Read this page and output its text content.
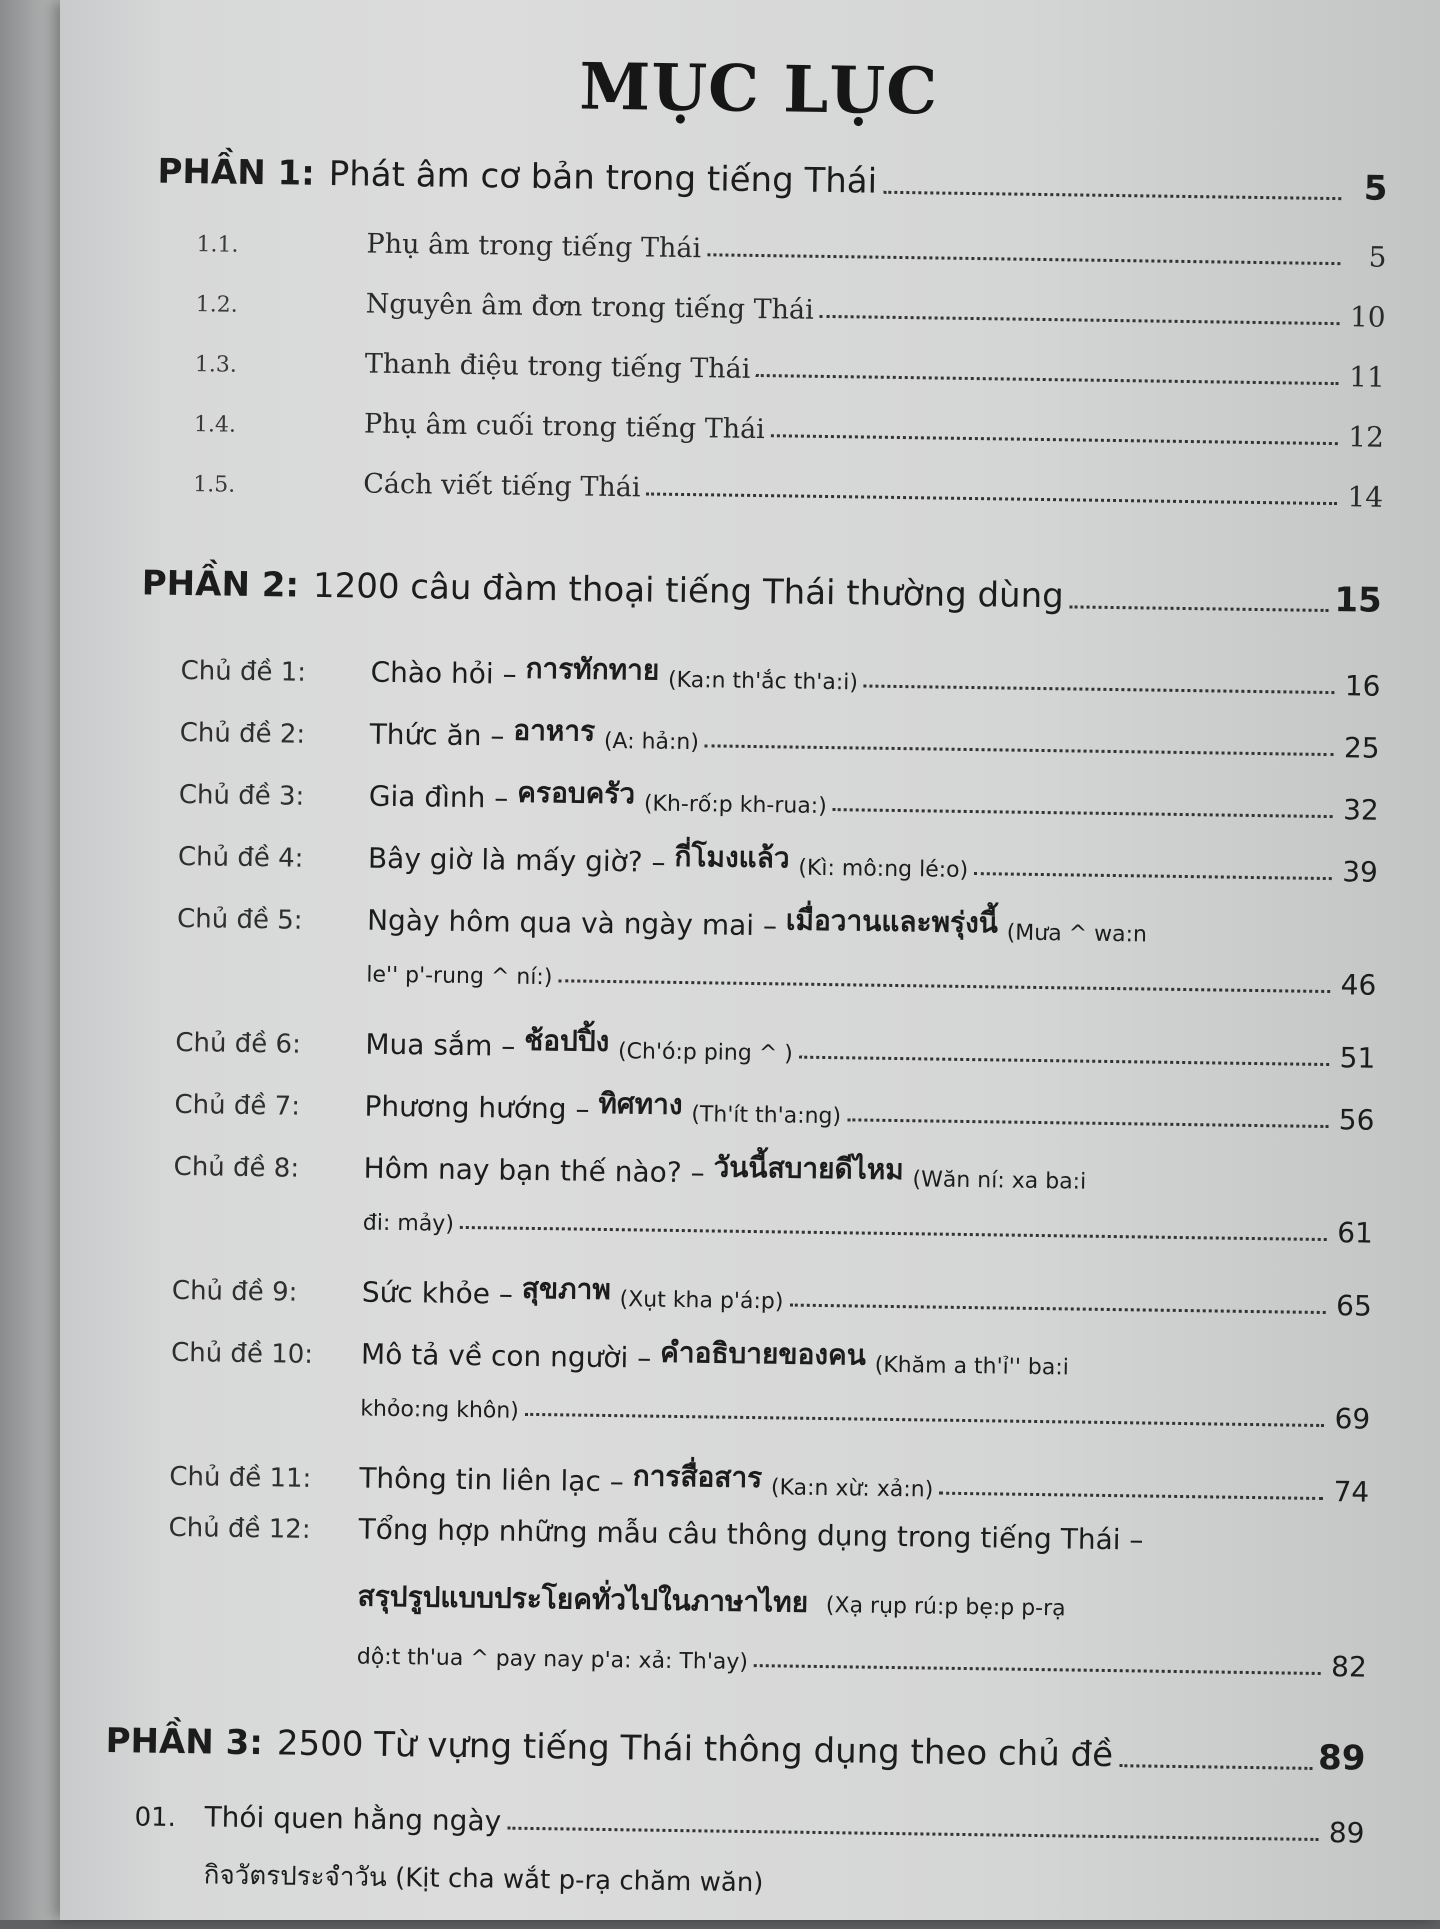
MỤC LỤC
PHẦN 1: Phát âm cơ bản trong tiếng Thái	5
1.1.	Phụ âm trong tiếng Thái	5
1.2.	Nguyên âm đơn trong tiếng Thái	10
1.3.	Thanh điệu trong tiếng Thái	11
1.4.	Phụ âm cuối trong tiếng Thái	12
1.5.	Cách viết tiếng Thái	14
PHẦN 2: 1200 câu đàm thoại tiếng Thái thường dùng	15
Chủ đề 1:	Chào hỏi –
การทักทาย
(Ka:n th'ắc th'a:i)	16
Chủ đề 2:	Thức ăn –
อาหาร
(A: hả:n)	25
Chủ đề 3:	Gia đình –
ครอบครัว
(Kh-rố:p kh-rua:)	32
Chủ đề 4:	Bây giờ là mấy giờ? –
กี่โมงแล้ว
(Kì: mô:ng lé:o)	39
Chủ đề 5:	Ngày hôm qua và ngày mai –
เมื่อวานและพรุ่งนี้
(Mưa ^ wa:n
le'' p'-rung ^ ní:)	46
Chủ đề 6:	Mua sắm –
ช้อปปิ้ง
(Ch'ó:p ping ^ )	51
Chủ đề 7:	Phương hướng –
ทิศทาง
(Th'ít th'a:ng)	56
Chủ đề 8:	Hôm nay bạn thế nào? –
วันนี้สบายดีไหม
(Wăn ní: xa ba:i
đi: mảy)	61
Chủ đề 9:	Sức khỏe –
สุขภาพ
(Xụt kha p'á:p)	65
Chủ đề 10:	Mô tả về con người –
คำอธิบายของคน
(Khăm a th'ỉ'' ba:i
khỏo:ng khôn)	69
Chủ đề 11:	Thông tin liên lạc –
การสื่อสาร
(Ka:n xừ: xả:n)	74
Chủ đề 12:	Tổng hợp những mẫu câu thông dụng trong tiếng Thái –
สรุปรูปแบบประโยคทั่วไปในภาษาไทย (Xạ rụp rú:p bẹ:p p-rạ
dộ:t th'ua ^ pay nay p'a: xả: Th'ay)	82
PHẦN 3: 2500 Từ vựng tiếng Thái thông dụng theo chủ đề	89
01.	Thói quen hằng ngày	89
กิจวัตรประจำวัน (Kịt cha wắt p-rạ chăm wăn)
